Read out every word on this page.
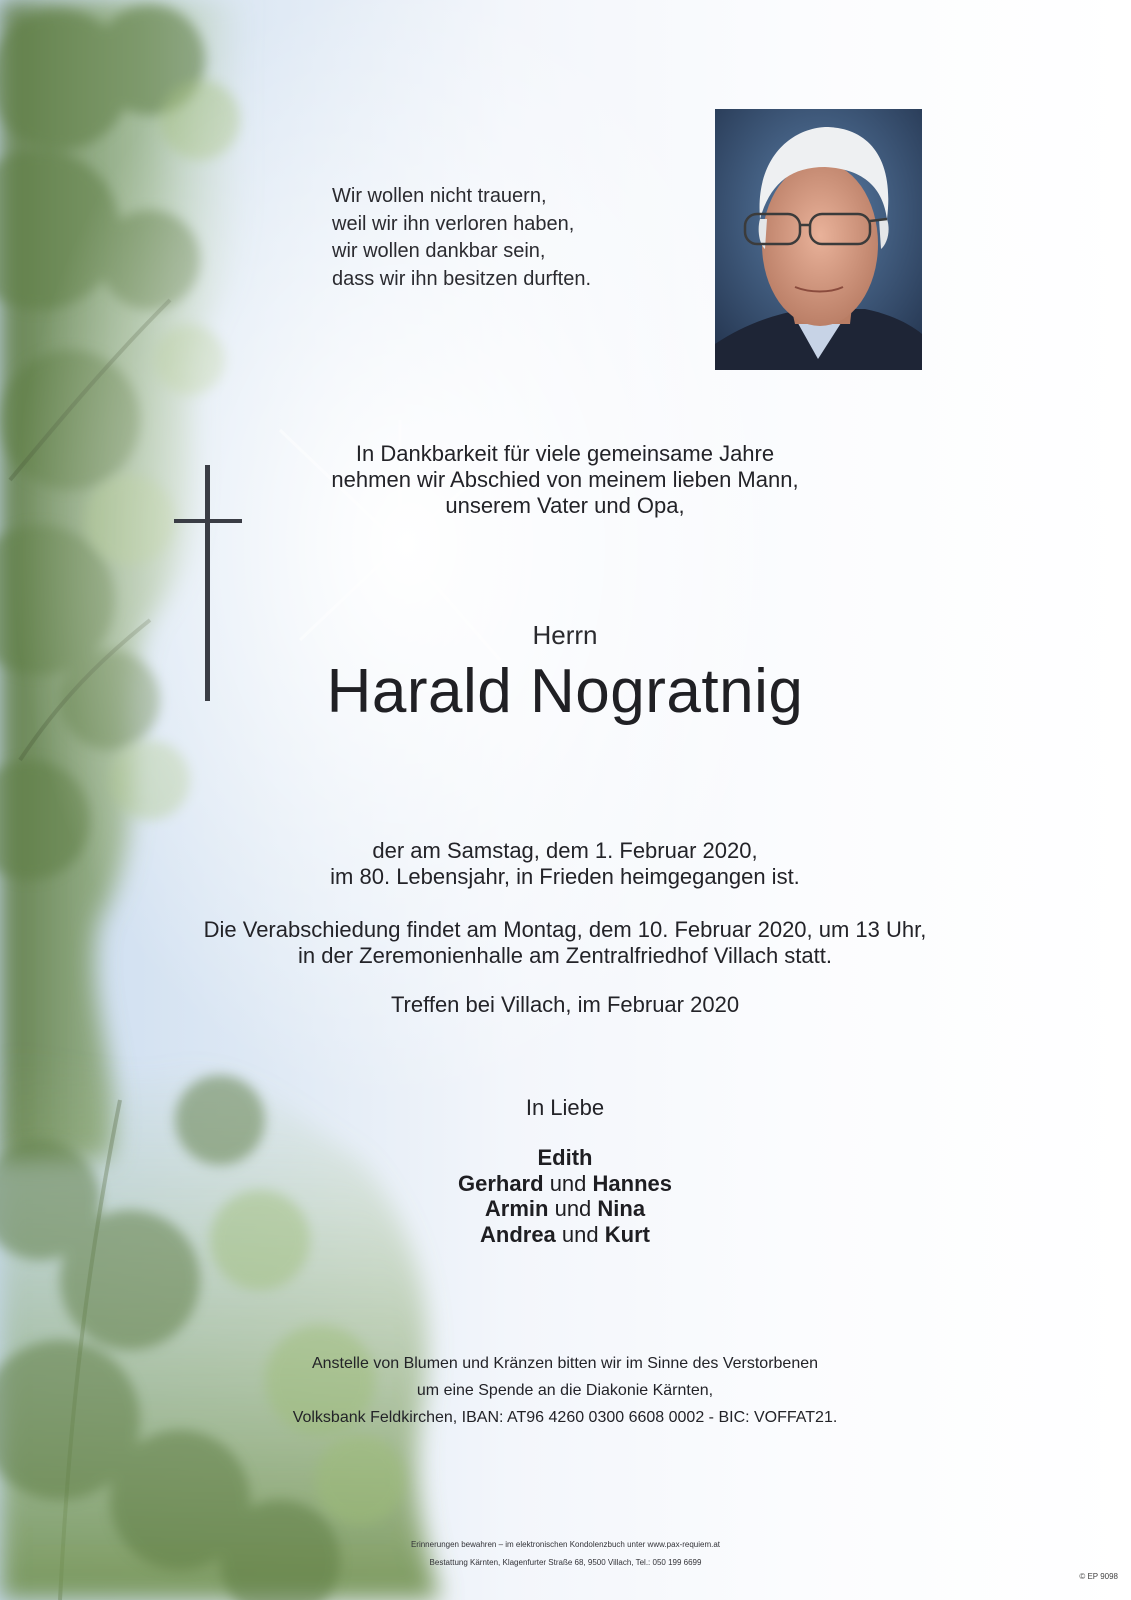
Wir wollen nicht trauern,
weil wir ihn verloren haben,
wir wollen dankbar sein,
dass wir ihn besitzen durften.
In Dankbarkeit für viele gemeinsame Jahre
nehmen wir Abschied von meinem lieben Mann,
unserem Vater und Opa,
Herrn
Harald Nogratnig
der am Samstag, dem 1. Februar 2020,
im 80. Lebensjahr, in Frieden heimgegangen ist.
Die Verabschiedung findet am Montag, dem 10. Februar 2020, um 13 Uhr,
in der Zeremonienhalle am Zentralfriedhof Villach statt.
Treffen bei Villach, im Februar 2020
In Liebe
Edith
Gerhard und Hannes
Armin und Nina
Andrea und Kurt
Anstelle von Blumen und Kränzen bitten wir im Sinne des Verstorbenen
um eine Spende an die Diakonie Kärnten,
Volksbank Feldkirchen, IBAN: AT96 4260 0300 6608 0002 - BIC: VOFFAT21.
Erinnerungen bewahren – im elektronischen Kondolenzbuch unter www.pax-requiem.at
Bestattung Kärnten, Klagenfurter Straße 68, 9500 Villach, Tel.: 050 199 6699
© EP 9098
